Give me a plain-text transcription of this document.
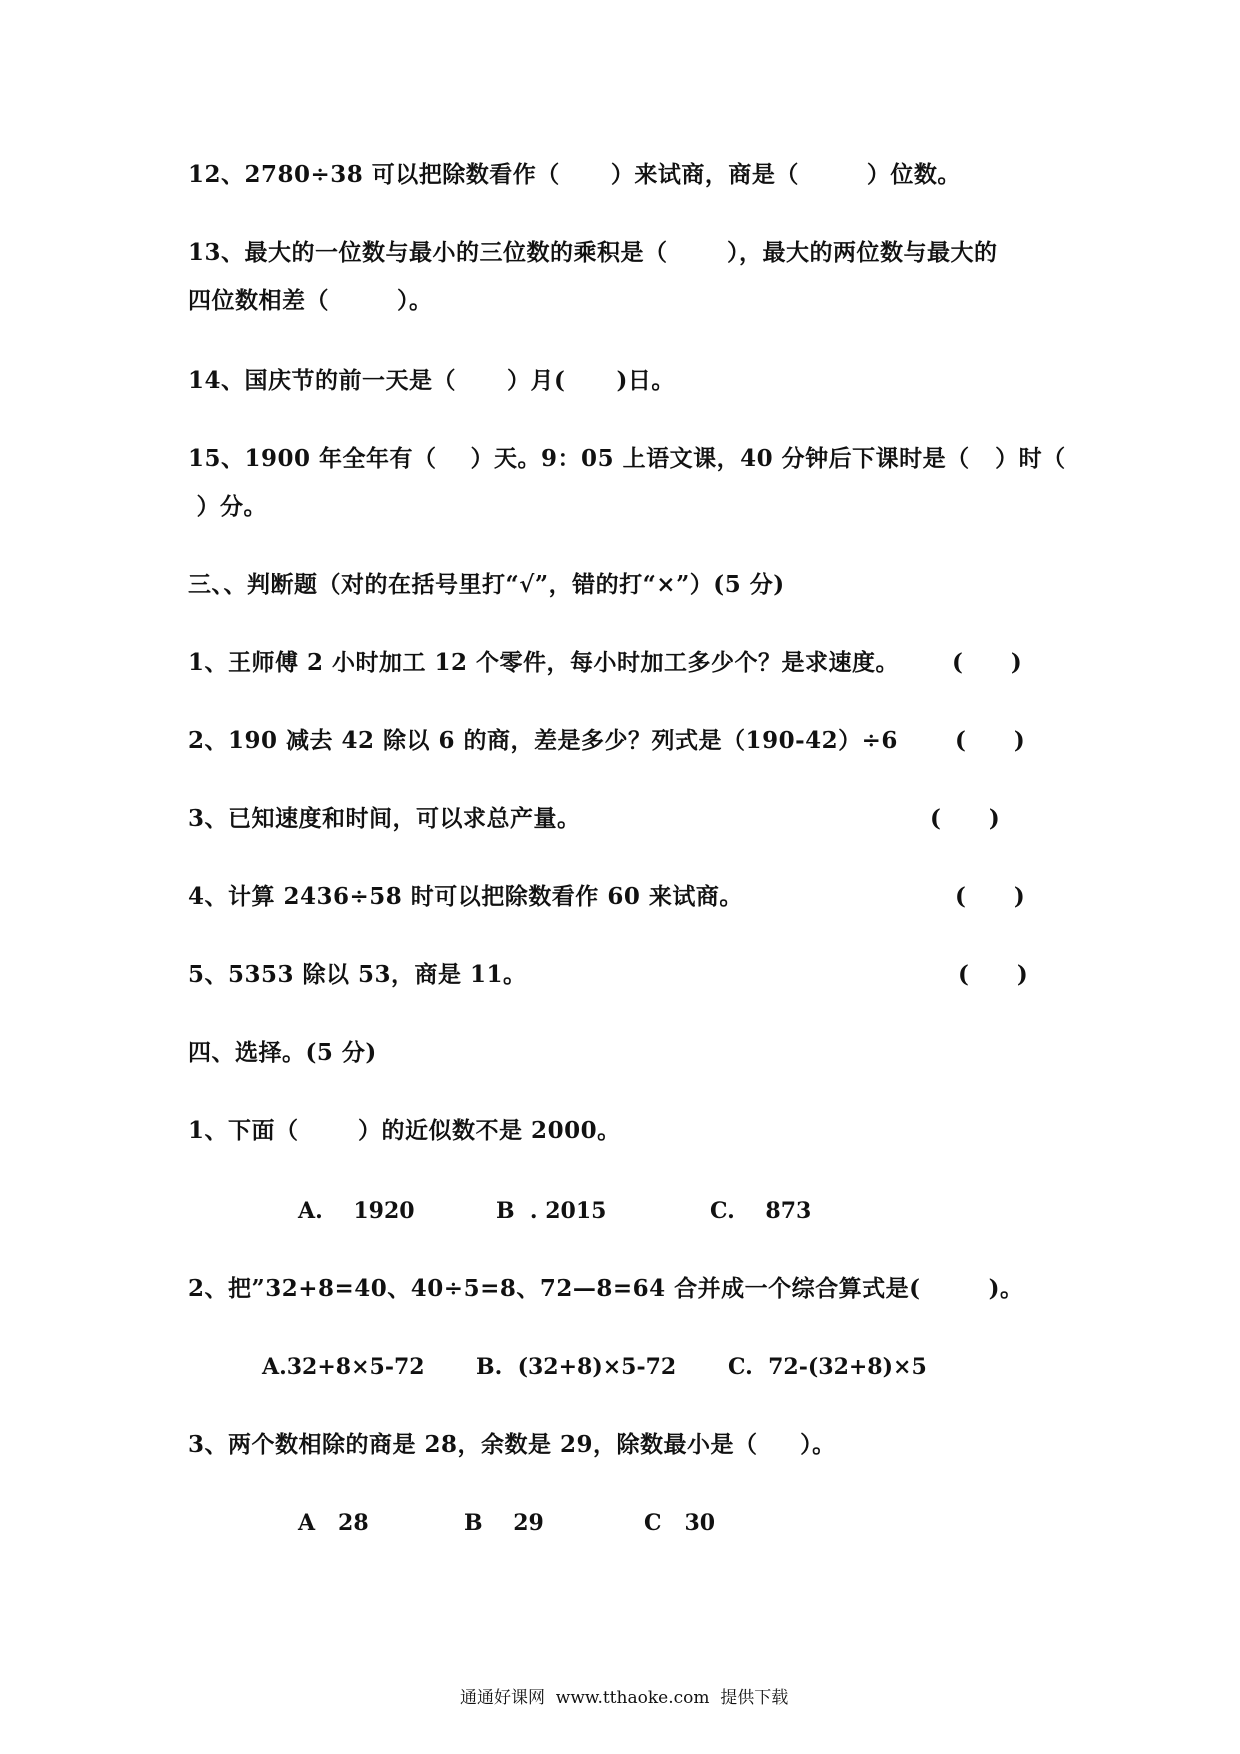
12、2780÷38 可以把除数看作（      ）来试商，商是（        ）位数。
13、最大的一位数与最小的三位数的乘积是（       ），最大的两位数与最大的
四位数相差（        ）。
14、国庆节的前一天是（      ）月(      )日。
15、1900 年全年有（    ）天。9：05 上语文课，40 分钟后下课时是（   ）时（
）分。
三、、判断题（对的在括号里打“√”，错的打“×”）(5 分)
1、王师傅 2 小时加工 12 个零件，每小时加工多少个？是求速度。 (      )
2、190 减去 42 除以 6 的商，差是多少？列式是（190-42）÷6 (      )
3、已知速度和时间，可以求总产量。	(      )
4、计算 2436÷58 时可以把除数看作 60 来试商。	(      )
5、5353 除以 53，商是 11。	(      )
四、选择。(5 分)
1、下面（       ）的近似数不是 2000。
A.    1920	B  . 2015	C.    873
2、把”32+8=40、40÷5=8、72—8=64 合并成一个综合算式是(        )。
A.32+8×5-72 B.  (32+8)×5-72 C.  72-(32+8)×5
3、两个数相除的商是 28，余数是 29，除数最小是（     ）。
A   28	B    29	C   30
通通好课网  www.tthaoke.com  提供下载
